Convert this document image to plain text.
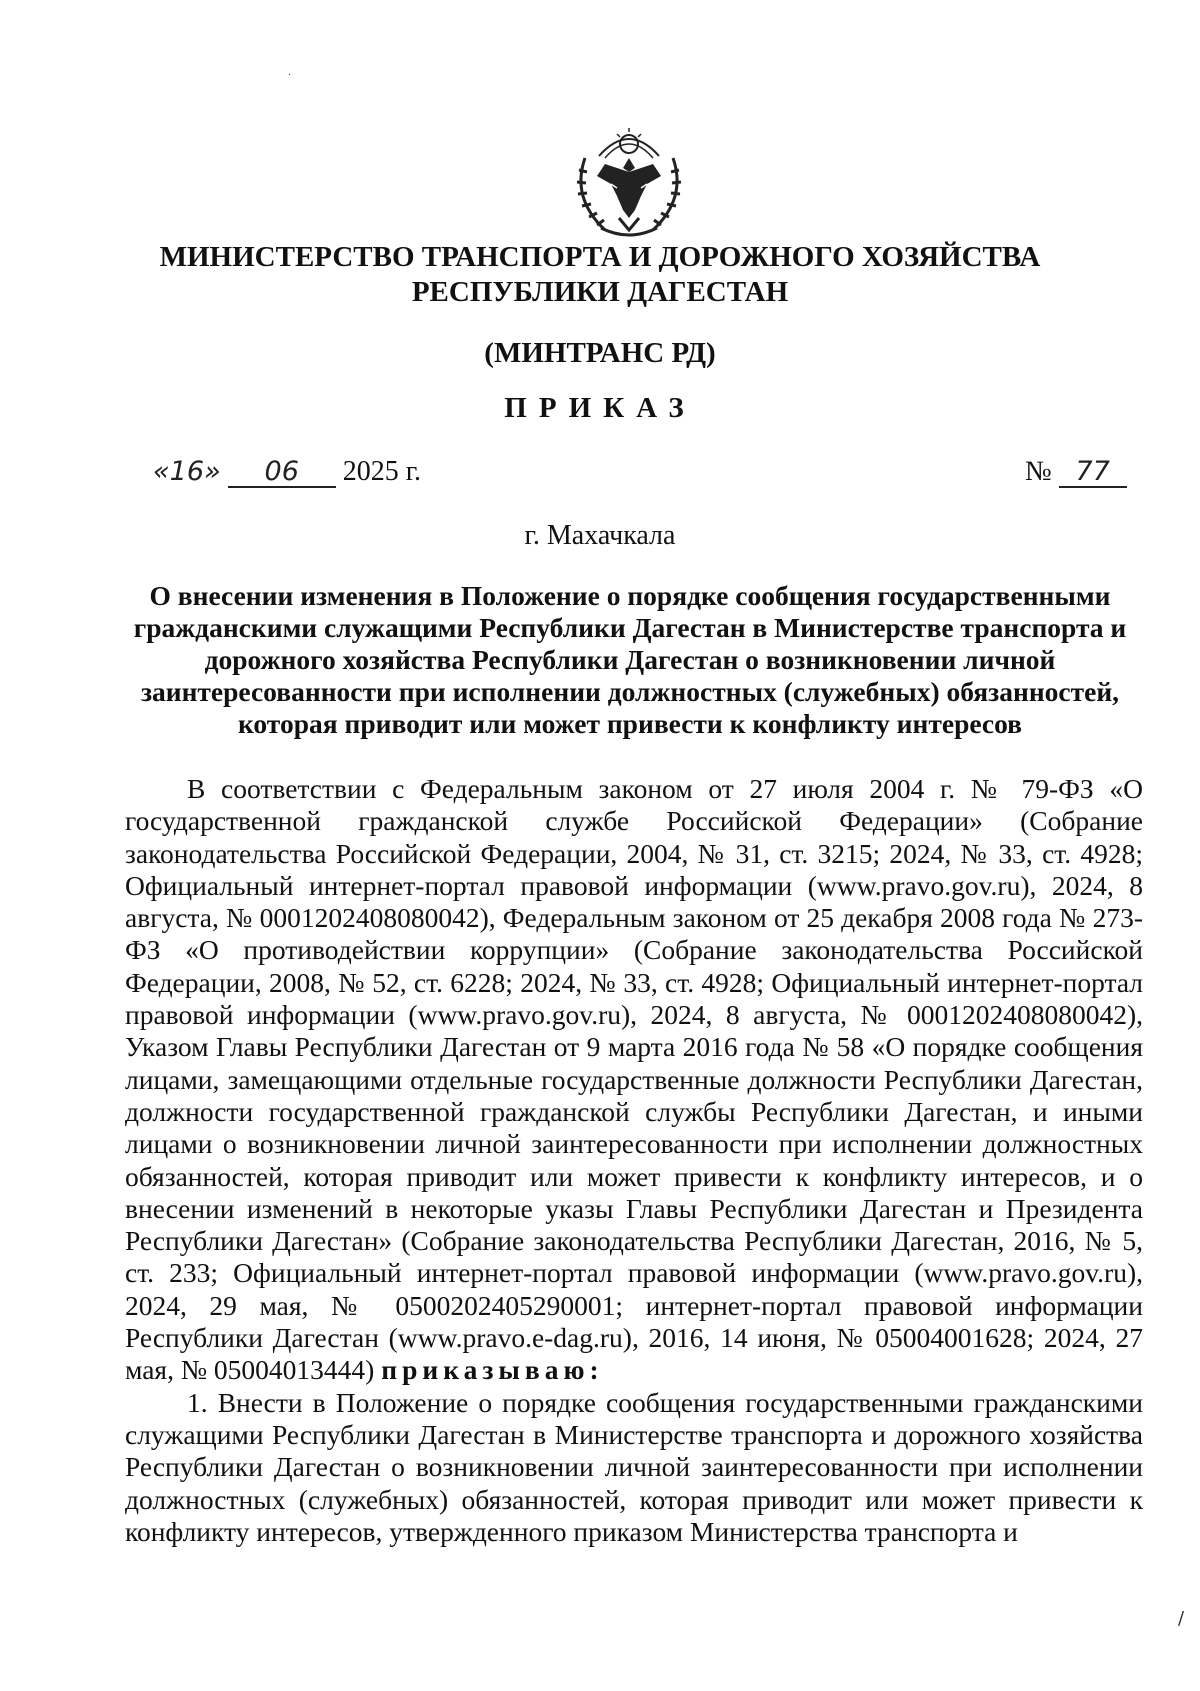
МИНИСТЕРСТВО ТРАНСПОРТА И ДОРОЖНОГО ХОЗЯЙСТВА
РЕСПУБЛИКИ ДАГЕСТАН
(МИНТРАНС РД)
ПРИКАЗ
«16» 06 2025 г.	№ 77
г. Махачкала
О внесении изменения в Положение о порядке сообщения государственными гражданскими служащими Республики Дагестан в Министерстве транспорта и дорожного хозяйства Республики Дагестан о возникновении личной заинтересованности при исполнении должностных (служебных) обязанностей, которая приводит или может привести к конфликту интересов

В соответствии с Федеральным законом от 27 июля 2004 г. № 79-ФЗ «О государственной гражданской службе Российской Федерации» (Собрание законодательства Российской Федерации, 2004, № 31, ст. 3215; 2024, № 33, ст. 4928; Официальный интернет-портал правовой информации (www.pravo.gov.ru), 2024, 8 августа, № 0001202408080042), Федеральным законом от 25 декабря 2008 года № 273-ФЗ «О противодействии коррупции» (Собрание законодательства Российской Федерации, 2008, № 52, ст. 6228; 2024, № 33, ст. 4928; Официальный интернет-портал правовой информации (www.pravo.gov.ru), 2024, 8 августа, № 0001202408080042), Указом Главы Республики Дагестан от 9 марта 2016 года № 58 «О порядке сообщения лицами, замещающими отдельные государственные должности Республики Дагестан, должности государственной гражданской службы Республики Дагестан, и иными лицами о возникновении личной заинтересованности при исполнении должностных обязанностей, которая приводит или может привести к конфликту интересов, и о внесении изменений в некоторые указы Главы Республики Дагестан и Президента Республики Дагестан» (Собрание законодательства Республики Дагестан, 2016, № 5, ст. 233; Официальный интернет-портал правовой информации (www.pravo.gov.ru), 2024, 29 мая, № 0500202405290001; интернет-портал правовой информации Республики Дагестан (www.pravo.e-dag.ru), 2016, 14 июня, № 05004001628; 2024, 27 мая, № 05004013444) приказываю:

1. Внести в Положение о порядке сообщения государственными гражданскими служащими Республики Дагестан в Министерстве транспорта и дорожного хозяйства Республики Дагестан о возникновении личной заинтересованности при исполнении должностных (служебных) обязанностей, которая приводит или может привести к конфликту интересов, утвержденного приказом Министерства транспорта и

·
/
